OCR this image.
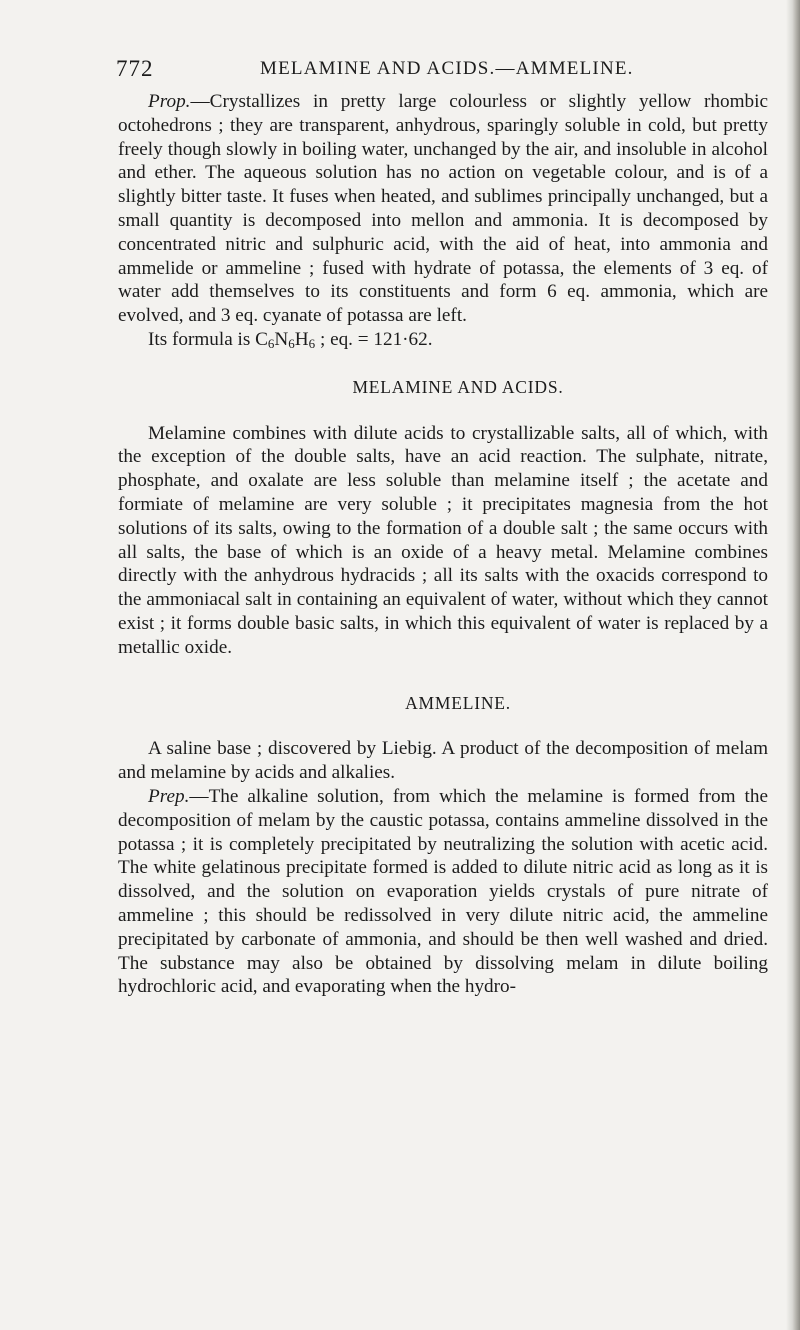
772	MELAMINE AND ACIDS.—AMMELINE.

Prop.—Crystallizes in pretty large colourless or slightly yellow rhombic octohedrons ; they are transparent, anhydrous, sparingly soluble in cold, but pretty freely though slowly in boiling water, unchanged by the air, and insoluble in alcohol and ether. The aqueous solution has no action on vegetable colour, and is of a slightly bitter taste. It fuses when heated, and sublimes principally unchanged, but a small quantity is decomposed into mellon and ammonia. It is decomposed by concentrated nitric and sulphuric acid, with the aid of heat, into ammonia and ammelide or ammeline ; fused with hydrate of potassa, the elements of 3 eq. of water add themselves to its constituents and form 6 eq. ammonia, which are evolved, and 3 eq. cyanate of potassa are left.

Its formula is $C_6N_6H_6$ ; eq. = 121·62.

MELAMINE AND ACIDS.

Melamine combines with dilute acids to crystallizable salts, all of which, with the exception of the double salts, have an acid reaction. The sulphate, nitrate, phosphate, and oxalate are less soluble than melamine itself ; the acetate and formiate of melamine are very soluble ; it precipitates magnesia from the hot solutions of its salts, owing to the formation of a double salt ; the same occurs with all salts, the base of which is an oxide of a heavy metal. Melamine combines directly with the anhydrous hydracids ; all its salts with the oxacids correspond to the ammoniacal salt in containing an equivalent of water, without which they cannot exist ; it forms double basic salts, in which this equivalent of water is replaced by a metallic oxide.

AMMELINE.

A saline base ; discovered by Liebig. A product of the decomposition of melam and melamine by acids and alkalies.

Prep.—The alkaline solution, from which the melamine is formed from the decomposition of melam by the caustic potassa, contains ammeline dissolved in the potassa ; it is completely precipitated by neutralizing the solution with acetic acid. The white gelatinous precipitate formed is added to dilute nitric acid as long as it is dissolved, and the solution on evaporation yields crystals of pure nitrate of ammeline ; this should be redissolved in very dilute nitric acid, the ammeline precipitated by carbonate of ammonia, and should be then well washed and dried. The substance may also be obtained by dissolving melam in dilute boiling hydrochloric acid, and evaporating when the hydro-
